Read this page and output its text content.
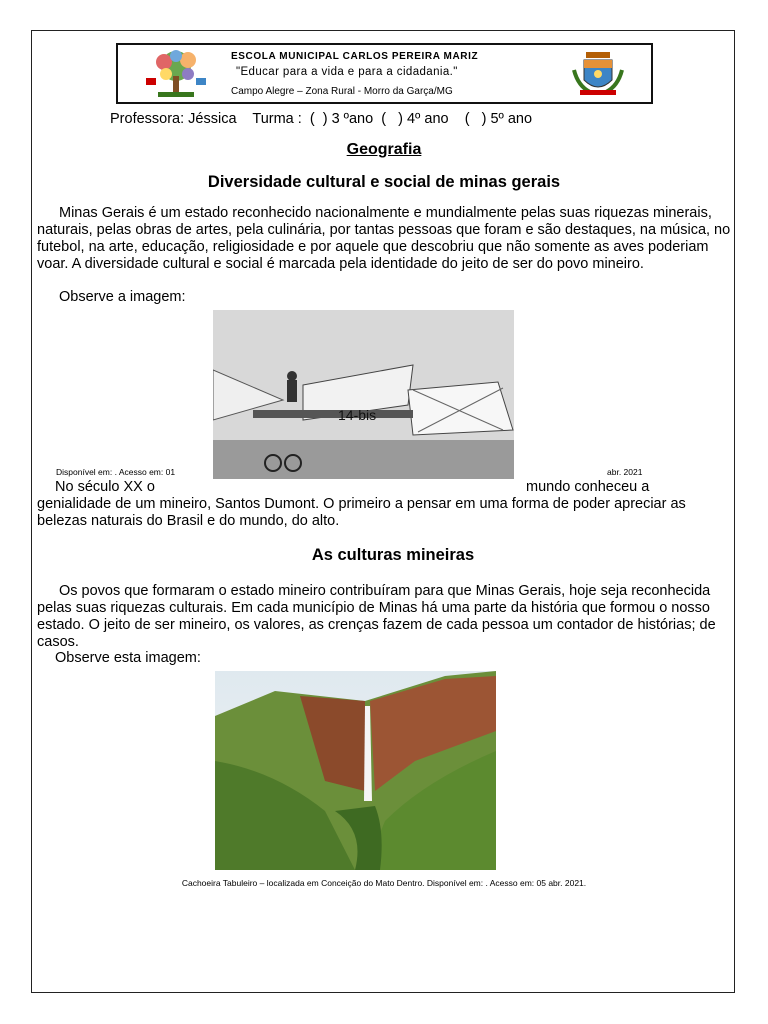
ESCOLA MUNICIPAL CARLOS PEREIRA MARIZ
"Educar para a vida e para a cidadania."
Campo Alegre – Zona Rural - Morro da Garça/MG
Professora: Jéssica    Turma :  (  ) 3 ºano  (   ) 4º ano    (   ) 5º ano
Geografia
Diversidade cultural e social de minas gerais
Minas Gerais é um estado reconhecido nacionalmente e mundialmente pelas suas riquezas minerais, naturais, pelas obras de artes, pela culinária, por tantas pessoas que foram e são destaques, na música, no futebol, na arte, educação, religiosidade e por aquele que descobriu que não somente as aves poderiam voar. A diversidade cultural e social é marcada pela identidade do jeito de ser do povo mineiro.
Observe a imagem:
14-bis
Disponível em: . Acesso em: 01	abr. 2021
No século XX o	mundo conheceu a
genialidade de um mineiro, Santos Dumont. O primeiro a pensar em uma forma de poder apreciar as belezas naturais do Brasil e do mundo, do alto.
As culturas mineiras
Os povos que formaram o estado mineiro contribuíram para que Minas Gerais, hoje seja reconhecida pelas suas riquezas culturais. Em cada município de Minas há uma parte da história que formou o nosso estado. O jeito de ser mineiro, os valores, as crenças fazem de cada pessoa um contador de histórias; de casos.
Observe esta imagem:
Cachoeira Tabuleiro – localizada em Conceição do Mato Dentro. Disponível em: . Acesso em: 05 abr. 2021.
